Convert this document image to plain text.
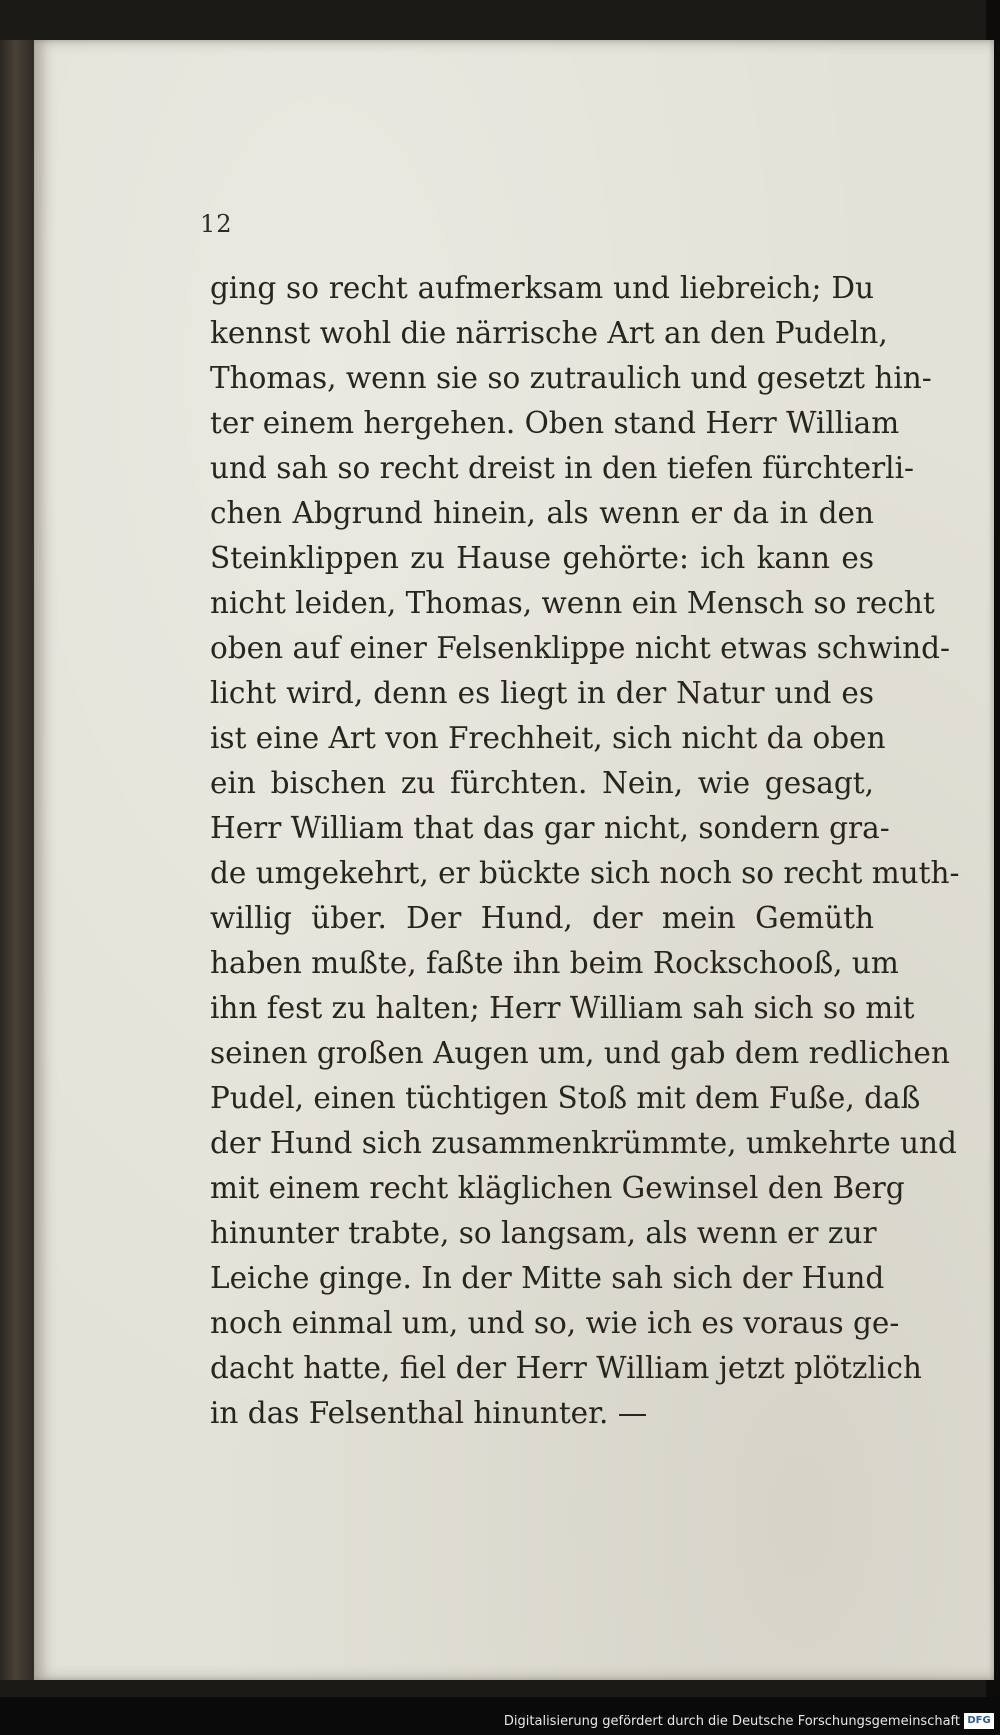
12
ging so recht aufmerksam und liebreich; Du
kennst wohl die närrische Art an den Pudeln,
Thomas, wenn sie so zutraulich und gesetzt hin-
ter einem hergehen. Oben stand Herr William
und sah so recht dreist in den tiefen fürchterli-
chen Abgrund hinein, als wenn er da in den
Steinklippen zu Hause gehörte: ich kann es
nicht leiden, Thomas, wenn ein Mensch so recht
oben auf einer Felsenklippe nicht etwas schwind-
licht wird, denn es liegt in der Natur und es
ist eine Art von Frechheit, sich nicht da oben
ein bischen zu fürchten. Nein, wie gesagt,
Herr William that das gar nicht, sondern gra-
de umgekehrt, er bückte sich noch so recht muth-
willig über. Der Hund, der mein Gemüth
haben mußte, faßte ihn beim Rockschooß, um
ihn fest zu halten; Herr William sah sich so mit
seinen großen Augen um, und gab dem redlichen
Pudel, einen tüchtigen Stoß mit dem Fuße, daß
der Hund sich zusammenkrümmte, umkehrte und
mit einem recht kläglichen Gewinsel den Berg
hinunter trabte, so langsam, als wenn er zur
Leiche ginge. In der Mitte sah sich der Hund
noch einmal um, und so, wie ich es voraus ge-
dacht hatte, fiel der Herr William jetzt plötzlich
in das Felsenthal hinunter. —
Digitalisierung gefördert durch die Deutsche Forschungsgemeinschaft DFG
